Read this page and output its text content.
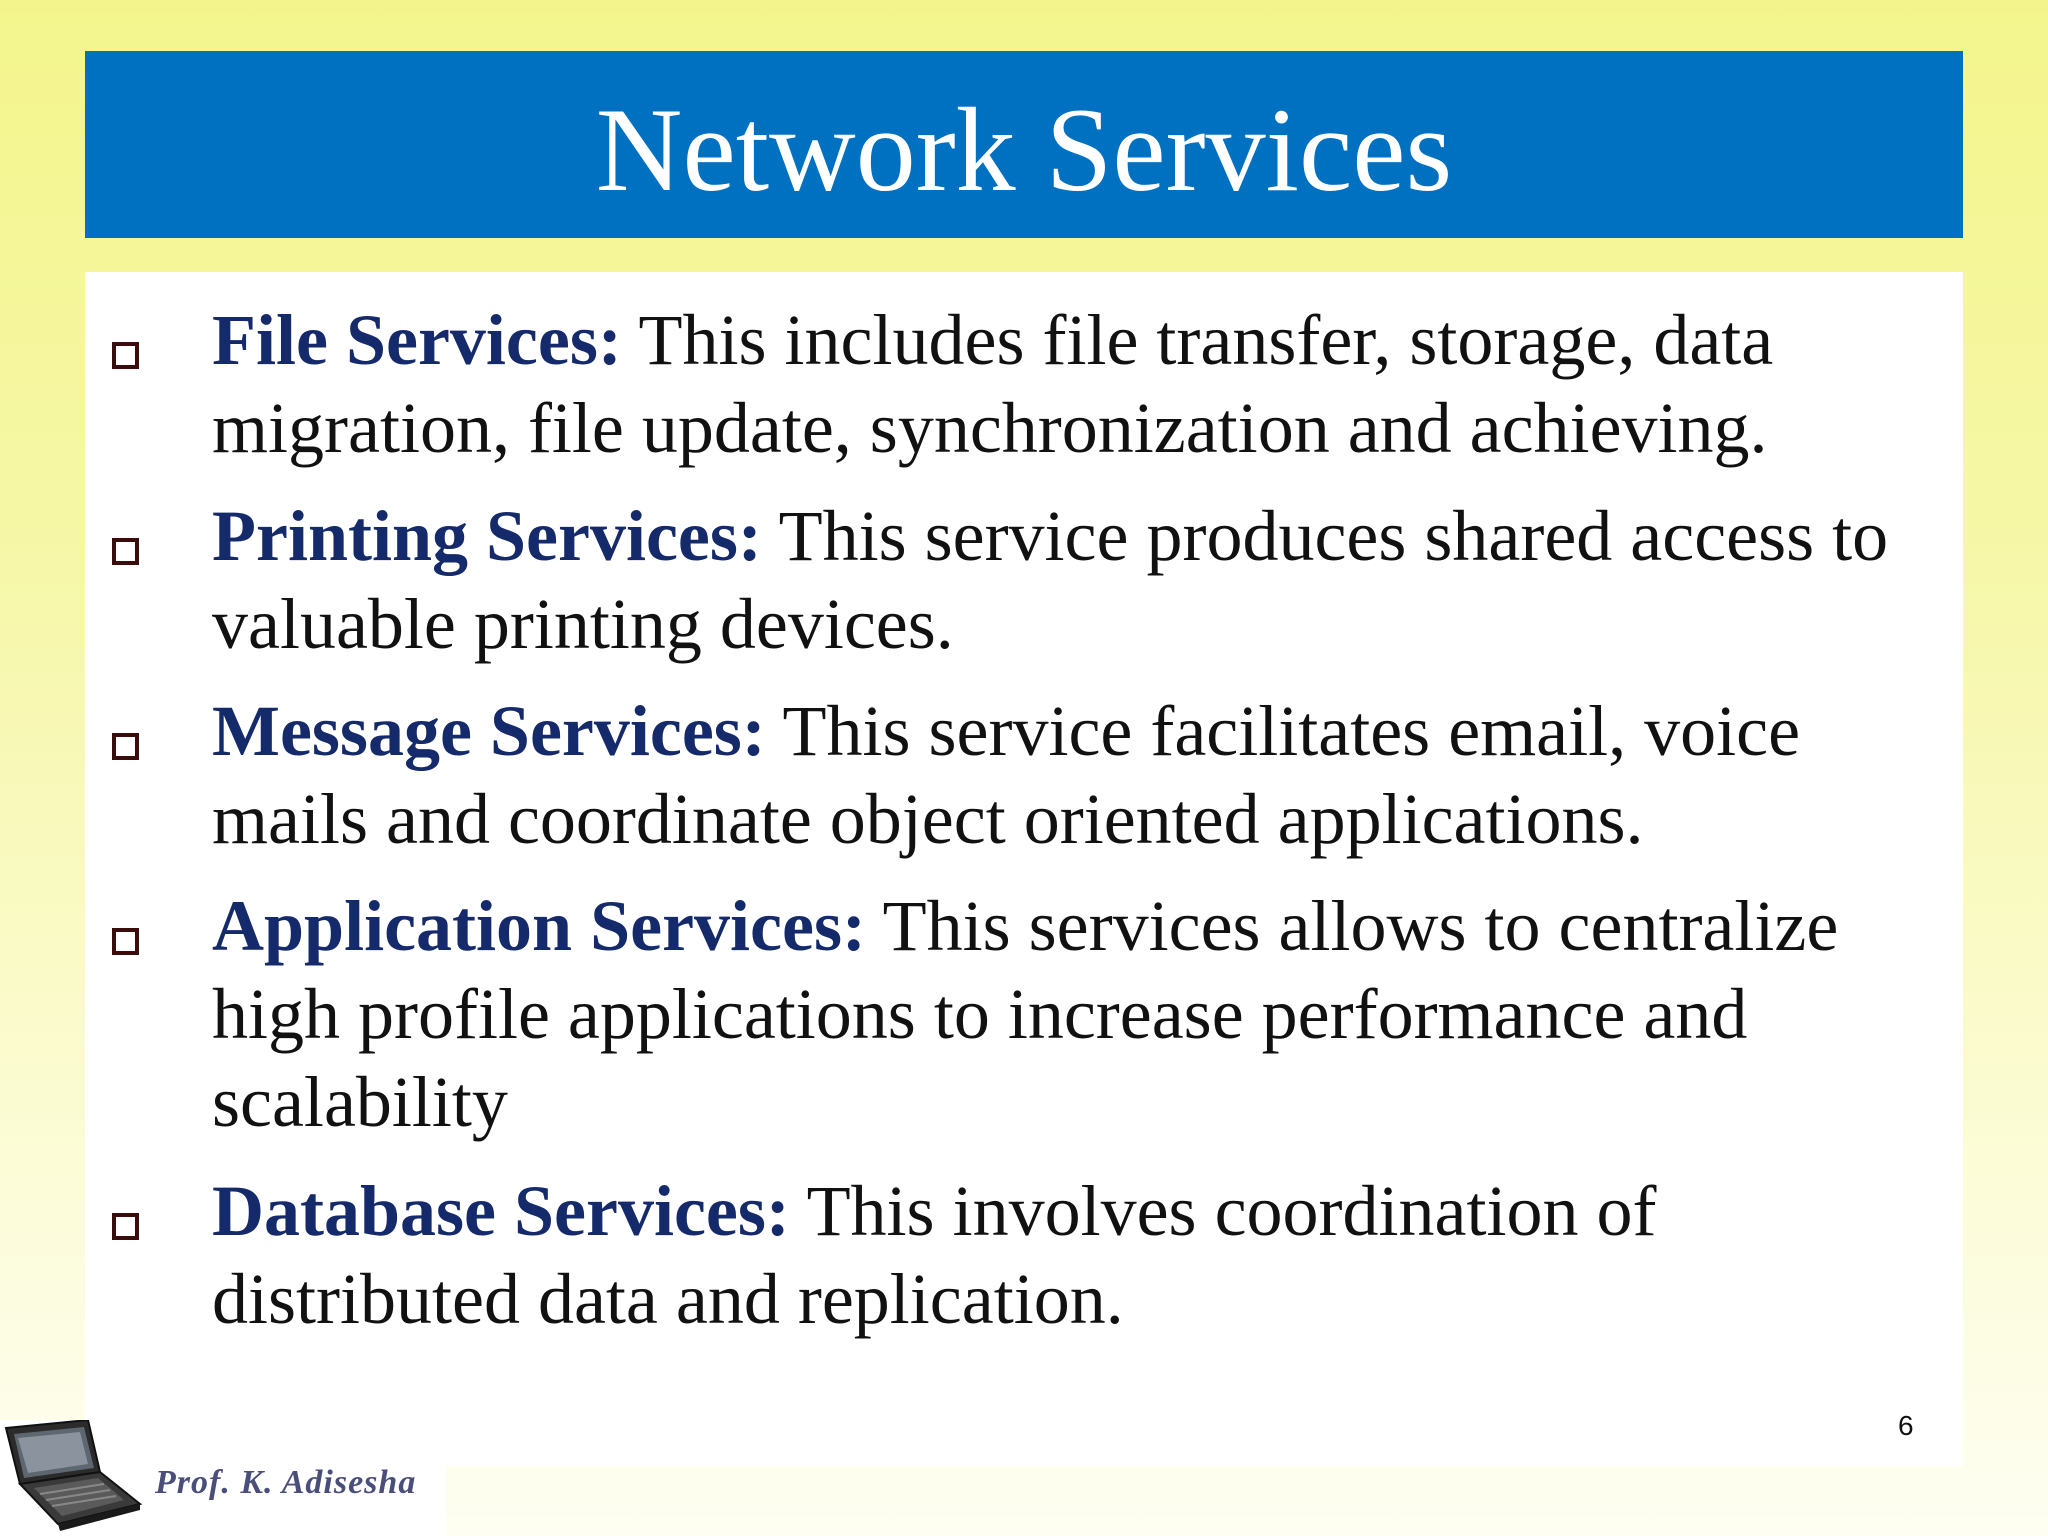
Network Services
File Services: This includes file transfer, storage, data migration, file update, synchronization and achieving.
Printing Services: This service produces shared access to valuable printing devices.
Message Services: This service facilitates email, voice mails and coordinate object oriented applications.
Application Services: This services allows to centralize high profile applications to increase performance and scalability
Database Services: This involves coordination of distributed data and replication.
6
Prof. K. Adisesha
